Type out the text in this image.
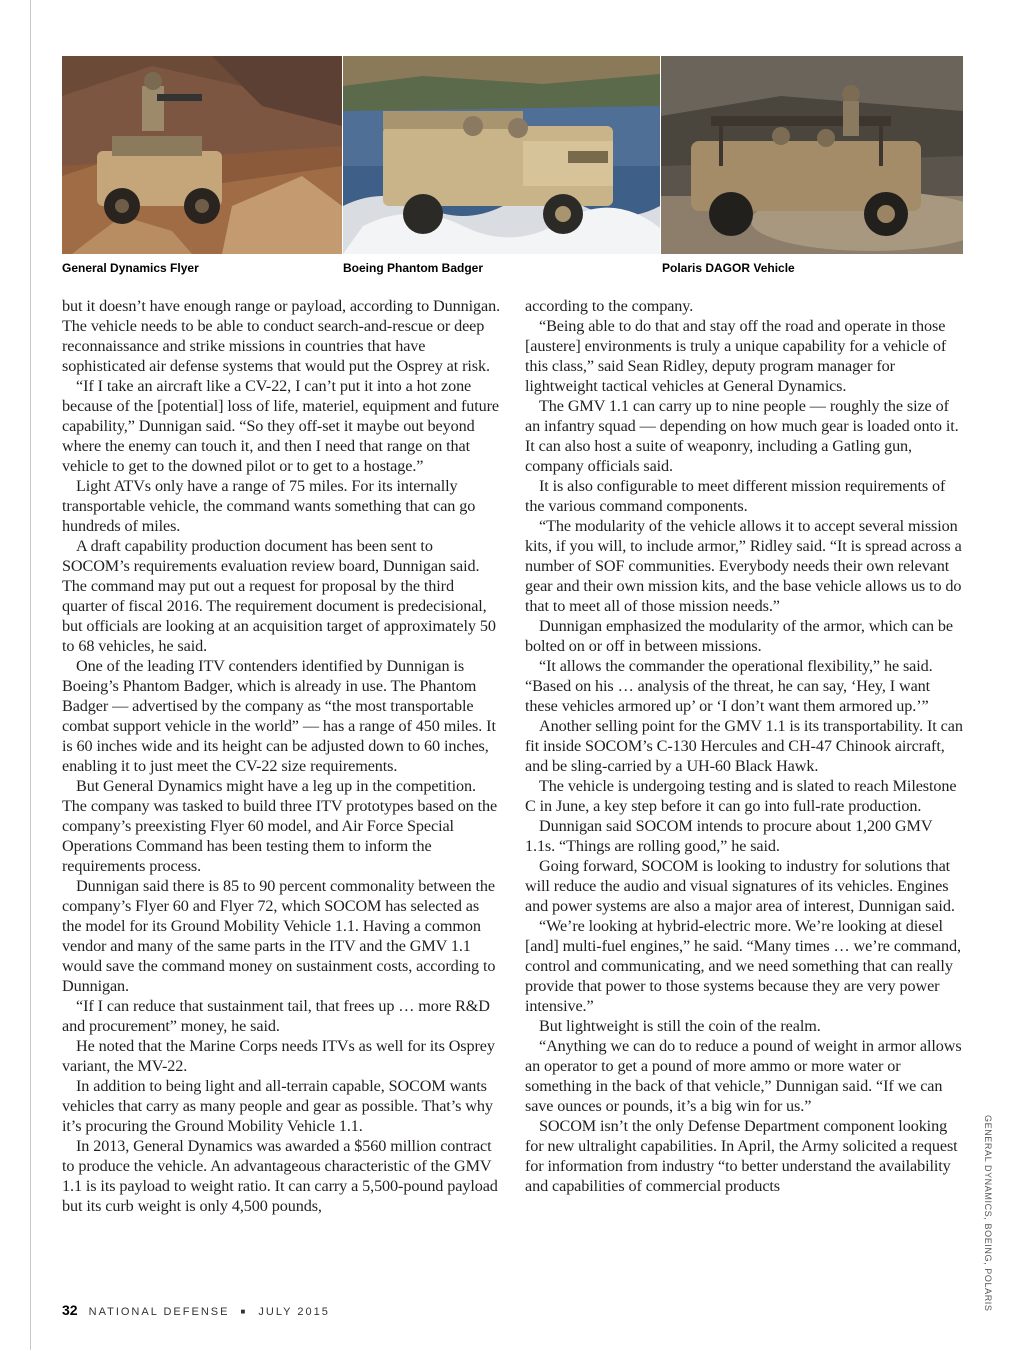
General Dynamics Flyer	Boeing Phantom Badger	Polaris DAGOR Vehicle

but it doesn’t have enough range or payload, according to Dunnigan. The vehicle needs to be able to conduct search-and-rescue or deep reconnaissance and strike missions in countries that have sophisticated air defense systems that would put the Osprey at risk.

“If I take an aircraft like a CV-22, I can’t put it into a hot zone because of the [potential] loss of life, materiel, equipment and future capability,” Dunnigan said. “So they off-set it maybe out beyond where the enemy can touch it, and then I need that range on that vehicle to get to the downed pilot or to get to a hostage.”

Light ATVs only have a range of 75 miles. For its internally transportable vehicle, the command wants something that can go hundreds of miles.

A draft capability production document has been sent to SOCOM’s requirements evaluation review board, Dunnigan said. The command may put out a request for proposal by the third quarter of fiscal 2016. The requirement document is predecisional, but officials are looking at an acquisition target of approximately 50 to 68 vehicles, he said.

One of the leading ITV contenders identified by Dunnigan is Boeing’s Phantom Badger, which is already in use. The Phantom Badger — advertised by the company as “the most transportable combat support vehicle in the world” — has a range of 450 miles. It is 60 inches wide and its height can be adjusted down to 60 inches, enabling it to just meet the CV-22 size requirements.

But General Dynamics might have a leg up in the competition. The company was tasked to build three ITV prototypes based on the company’s preexisting Flyer 60 model, and Air Force Special Operations Command has been testing them to inform the requirements process.

Dunnigan said there is 85 to 90 percent commonality between the company’s Flyer 60 and Flyer 72, which SOCOM has selected as the model for its Ground Mobility Vehicle 1.1. Having a common vendor and many of the same parts in the ITV and the GMV 1.1 would save the command money on sustainment costs, according to Dunnigan.

“If I can reduce that sustainment tail, that frees up … more R&D and procurement” money, he said.

He noted that the Marine Corps needs ITVs as well for its Osprey variant, the MV-22.

In addition to being light and all-terrain capable, SOCOM wants vehicles that carry as many people and gear as possible. That’s why it’s procuring the Ground Mobility Vehicle 1.1.

In 2013, General Dynamics was awarded a $560 million contract to produce the vehicle. An advantageous characteristic of the GMV 1.1 is its payload to weight ratio. It can carry a 5,500-pound payload but its curb weight is only 4,500 pounds,

according to the company.

“Being able to do that and stay off the road and operate in those [austere] environments is truly a unique capability for a vehicle of this class,” said Sean Ridley, deputy program manager for lightweight tactical vehicles at General Dynamics.

The GMV 1.1 can carry up to nine people — roughly the size of an infantry squad — depending on how much gear is loaded onto it. It can also host a suite of weaponry, including a Gatling gun, company officials said.

It is also configurable to meet different mission requirements of the various command components.

“The modularity of the vehicle allows it to accept several mission kits, if you will, to include armor,” Ridley said. “It is spread across a number of SOF communities. Everybody needs their own relevant gear and their own mission kits, and the base vehicle allows us to do that to meet all of those mission needs.”

Dunnigan emphasized the modularity of the armor, which can be bolted on or off in between missions.

“It allows the commander the operational flexibility,” he said. “Based on his … analysis of the threat, he can say, ‘Hey, I want these vehicles armored up’ or ‘I don’t want them armored up.’”

Another selling point for the GMV 1.1 is its transportability. It can fit inside SOCOM’s C-130 Hercules and CH-47 Chinook aircraft, and be sling-carried by a UH-60 Black Hawk.

The vehicle is undergoing testing and is slated to reach Milestone C in June, a key step before it can go into full-rate production.

Dunnigan said SOCOM intends to procure about 1,200 GMV 1.1s. “Things are rolling good,” he said.

Going forward, SOCOM is looking to industry for solutions that will reduce the audio and visual signatures of its vehicles. Engines and power systems are also a major area of interest, Dunnigan said.

“We’re looking at hybrid-electric more. We’re looking at diesel [and] multi-fuel engines,” he said. “Many times … we’re command, control and communicating, and we need something that can really provide that power to those systems because they are very power intensive.”

But lightweight is still the coin of the realm.

“Anything we can do to reduce a pound of weight in armor allows an operator to get a pound of more ammo or more water or something in the back of that vehicle,” Dunnigan said. “If we can save ounces or pounds, it’s a big win for us.”

SOCOM isn’t the only Defense Department component looking for new ultralight capabilities. In April, the Army solicited a request for information from industry “to better understand the availability and capabilities of commercial products	GENERAL DYNAMICS, BOEING, POLARIS
32 NATIONAL DEFENSE ■ JULY 2015
